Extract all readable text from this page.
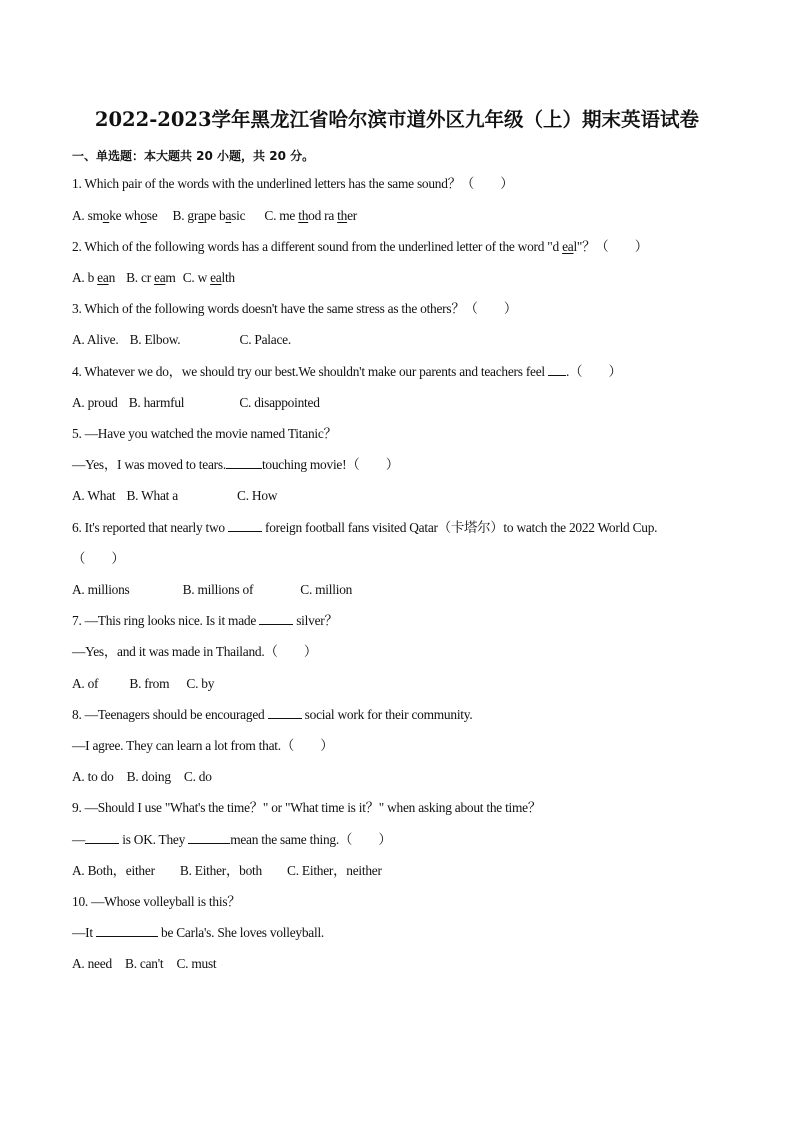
2022-2023学年黑龙江省哈尔滨市道外区九年级（上）期末英语试卷
一、单选题：本大题共 20 小题，共 20 分。
1. Which pair of the words with the underlined letters has the same sound？（　　）
A. smoke whose B. grape basic C. me thod ra ther
2. Which of the following words has a different sound from the underlined letter of the word "d eal"？（　　）
A. b ean B. cr eam C. w ealth
3. Which of the following words doesn't have the same stress as the others？（　　）
A. Alive. B. Elbow.	C. Palace.
4. Whatever we do，we should try our best.We shouldn't make our parents and teachers feel .（　　）
A. proud B. harmful	C. disappointed
5. —Have you watched the movie named Titanic？
—Yes，I was moved to tears.	touching movie!（　　）
A. What B. What a	C. How
6. It's reported that nearly two	foreign football fans visited Qatar（卡塔尔）to watch the 2022 World Cup.
（　　）
A. millions	B. millions of	C. million
7. —This ring looks nice. Is it made	silver？
—Yes，and it was made in Thailand.（　　）
A. of B. from C. by
8. —Teenagers should be encouraged	social work for their community.
—I agree. They can learn a lot from that.（　　）
A. to do B. doing C. do
9. —Should I use "What's the time？" or "What time is it？" when asking about the time？
—	is OK. They	mean the same thing.（　　）
A. Both，either B. Either，both C. Either，neither
10. —Whose volleyball is this？
—It	be Carla's. She loves volleyball.
A. need B. can't C. must
